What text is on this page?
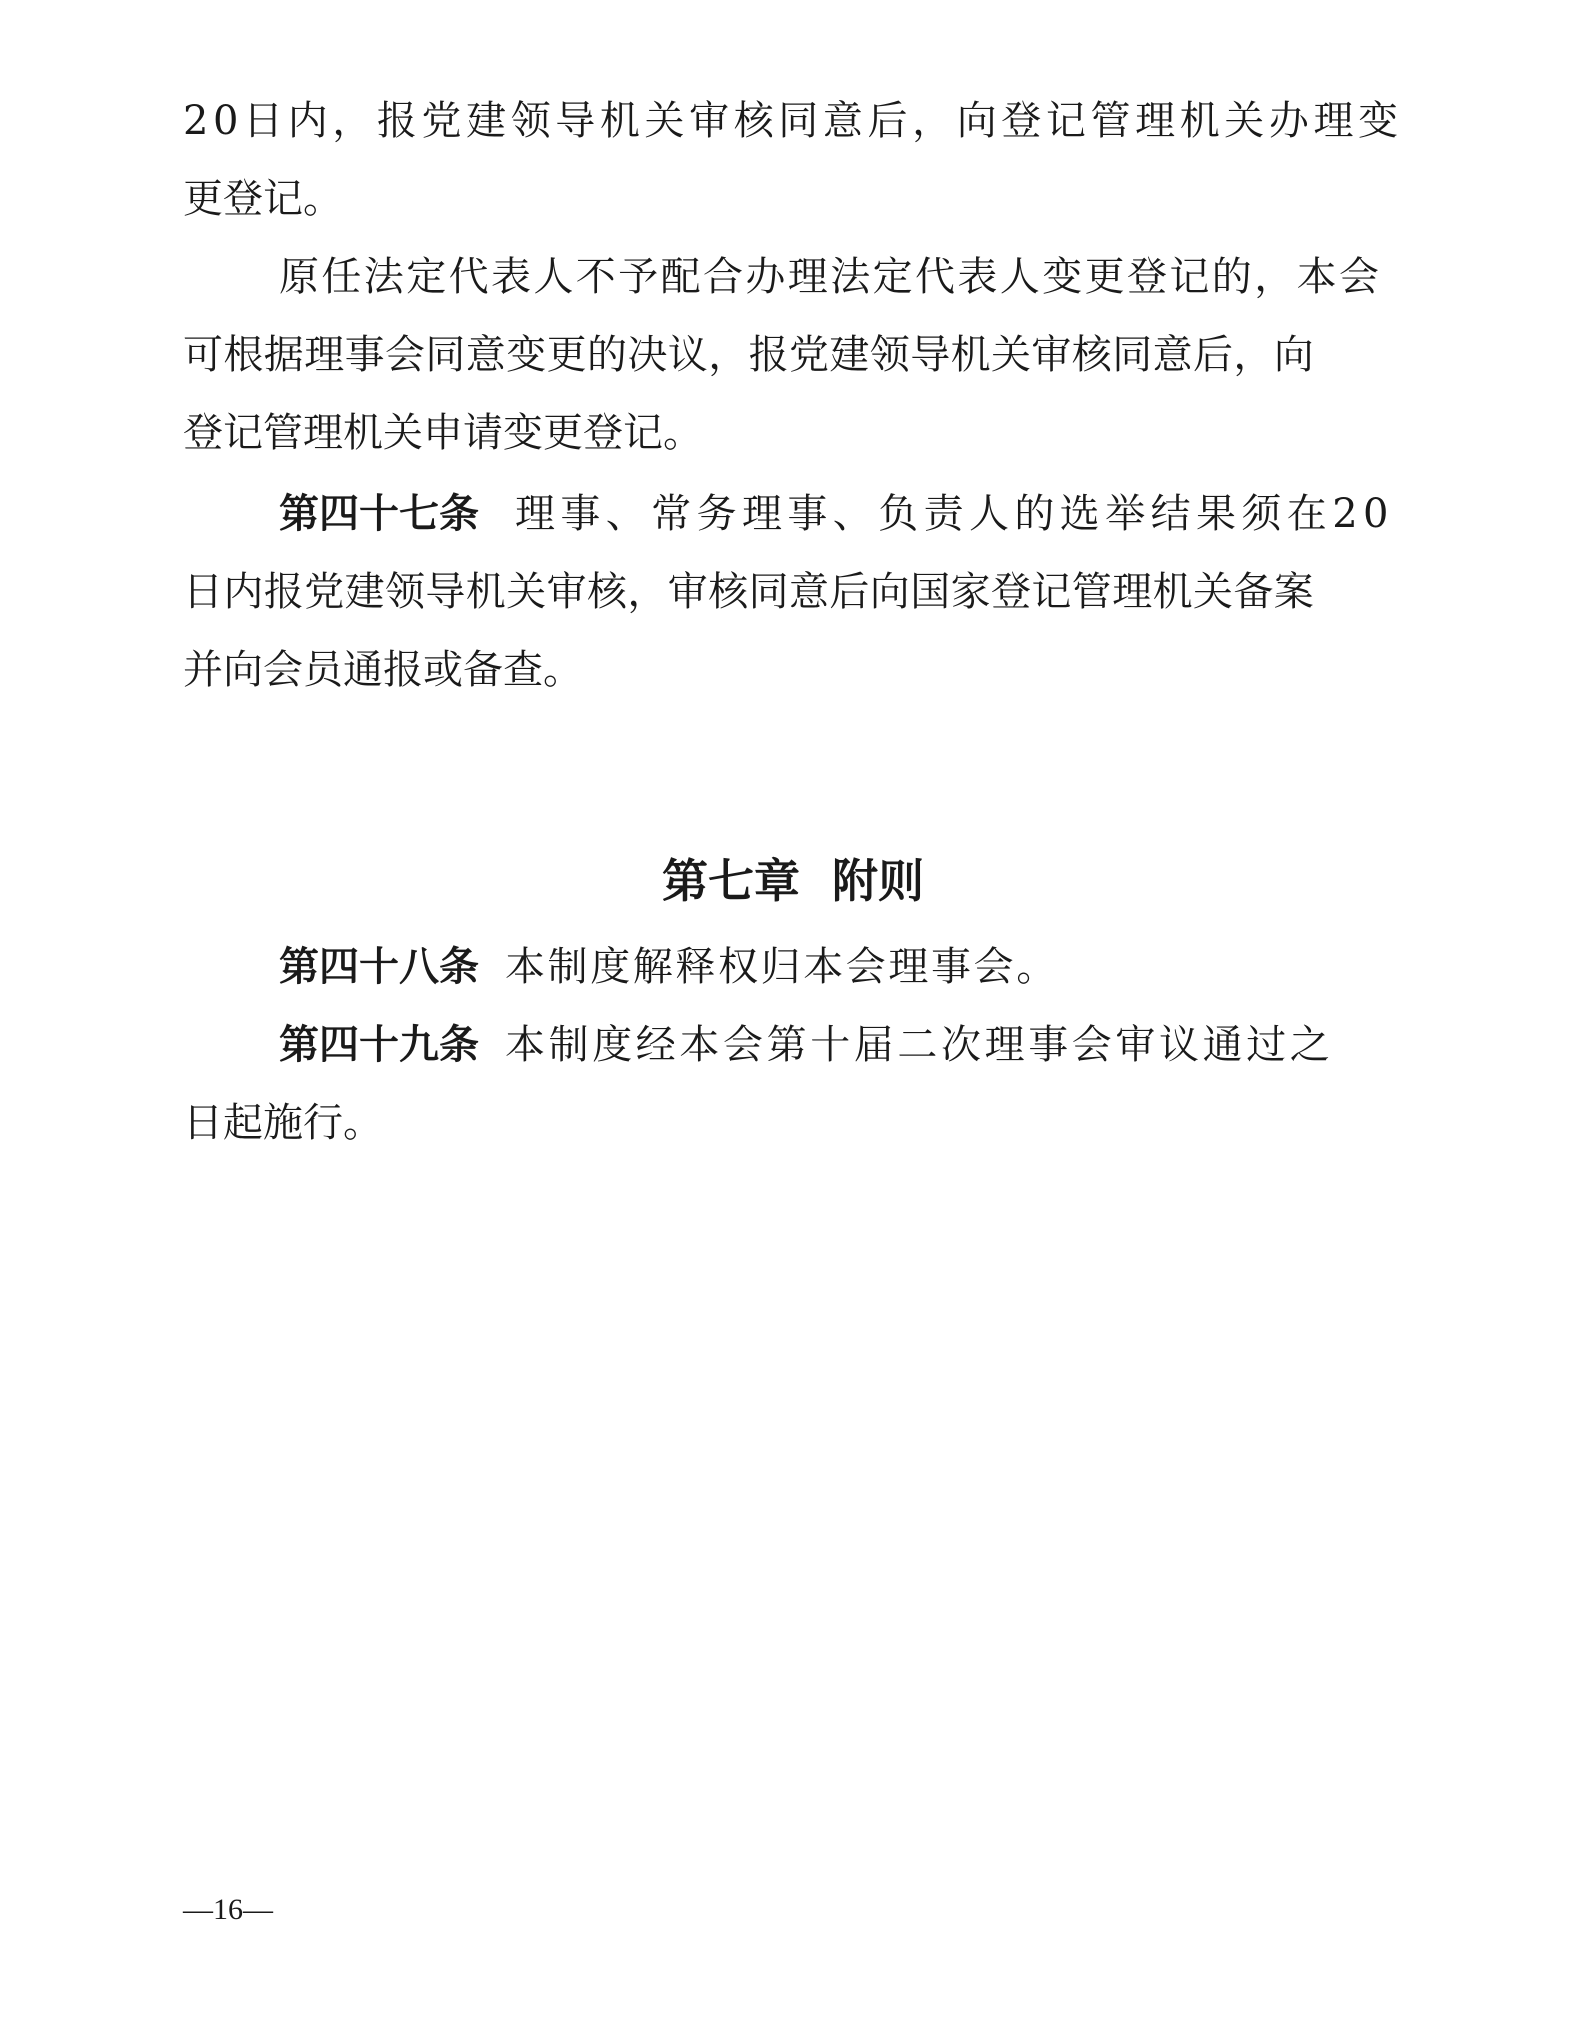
20日内，报党建领导机关审核同意后，向登记管理机关办理变
更登记。
原任法定代表人不予配合办理法定代表人变更登记的，本会
可根据理事会同意变更的决议，报党建领导机关审核同意后，向
登记管理机关申请变更登记。
第四十七条 理事、常务理事、负责人的选举结果须在20
日内报党建领导机关审核，审核同意后向国家登记管理机关备案
并向会员通报或备查。
第七章  附则
第四十八条 本制度解释权归本会理事会。
第四十九条 本制度经本会第十届二次理事会审议通过之
日起施行。
—16—
